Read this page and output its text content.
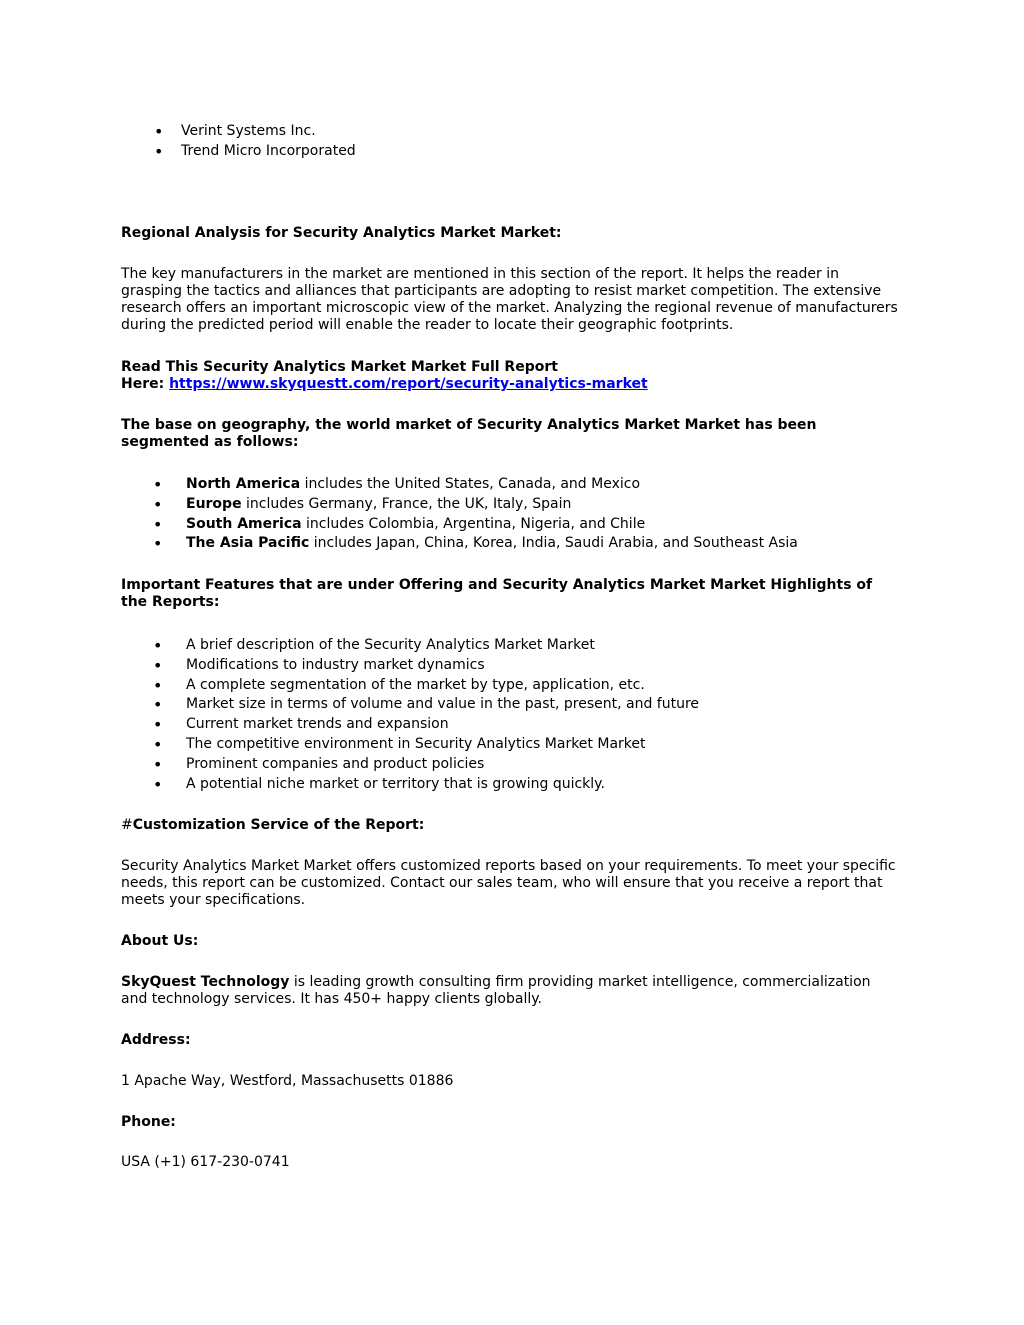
• Verint Systems Inc.
• Trend Micro Incorporated

Regional Analysis for Security Analytics Market Market:

The key manufacturers in the market are mentioned in this section of the report. It helps the reader in grasping the tactics and alliances that participants are adopting to resist market competition. The extensive research offers an important microscopic view of the market. Analyzing the regional revenue of manufacturers during the predicted period will enable the reader to locate their geographic footprints.

Read This Security Analytics Market Market Full Report
Here: https://www.skyquestt.com/report/security-analytics-market

The base on geography, the world market of Security Analytics Market Market has been segmented as follows:

• North America includes the United States, Canada, and Mexico
• Europe includes Germany, France, the UK, Italy, Spain
• South America includes Colombia, Argentina, Nigeria, and Chile
• The Asia Pacific includes Japan, China, Korea, India, Saudi Arabia, and Southeast Asia

Important Features that are under Offering and Security Analytics Market Market Highlights of the Reports:

• A brief description of the Security Analytics Market Market
• Modifications to industry market dynamics
• A complete segmentation of the market by type, application, etc.
• Market size in terms of volume and value in the past, present, and future
• Current market trends and expansion
• The competitive environment in Security Analytics Market Market
• Prominent companies and product policies
• A potential niche market or territory that is growing quickly.

#Customization Service of the Report:

Security Analytics Market Market offers customized reports based on your requirements. To meet your specific needs, this report can be customized. Contact our sales team, who will ensure that you receive a report that meets your specifications.

About Us:

SkyQuest Technology is leading growth consulting firm providing market intelligence, commercialization and technology services. It has 450+ happy clients globally.

Address:

1 Apache Way, Westford, Massachusetts 01886

Phone:

USA (+1) 617-230-0741
